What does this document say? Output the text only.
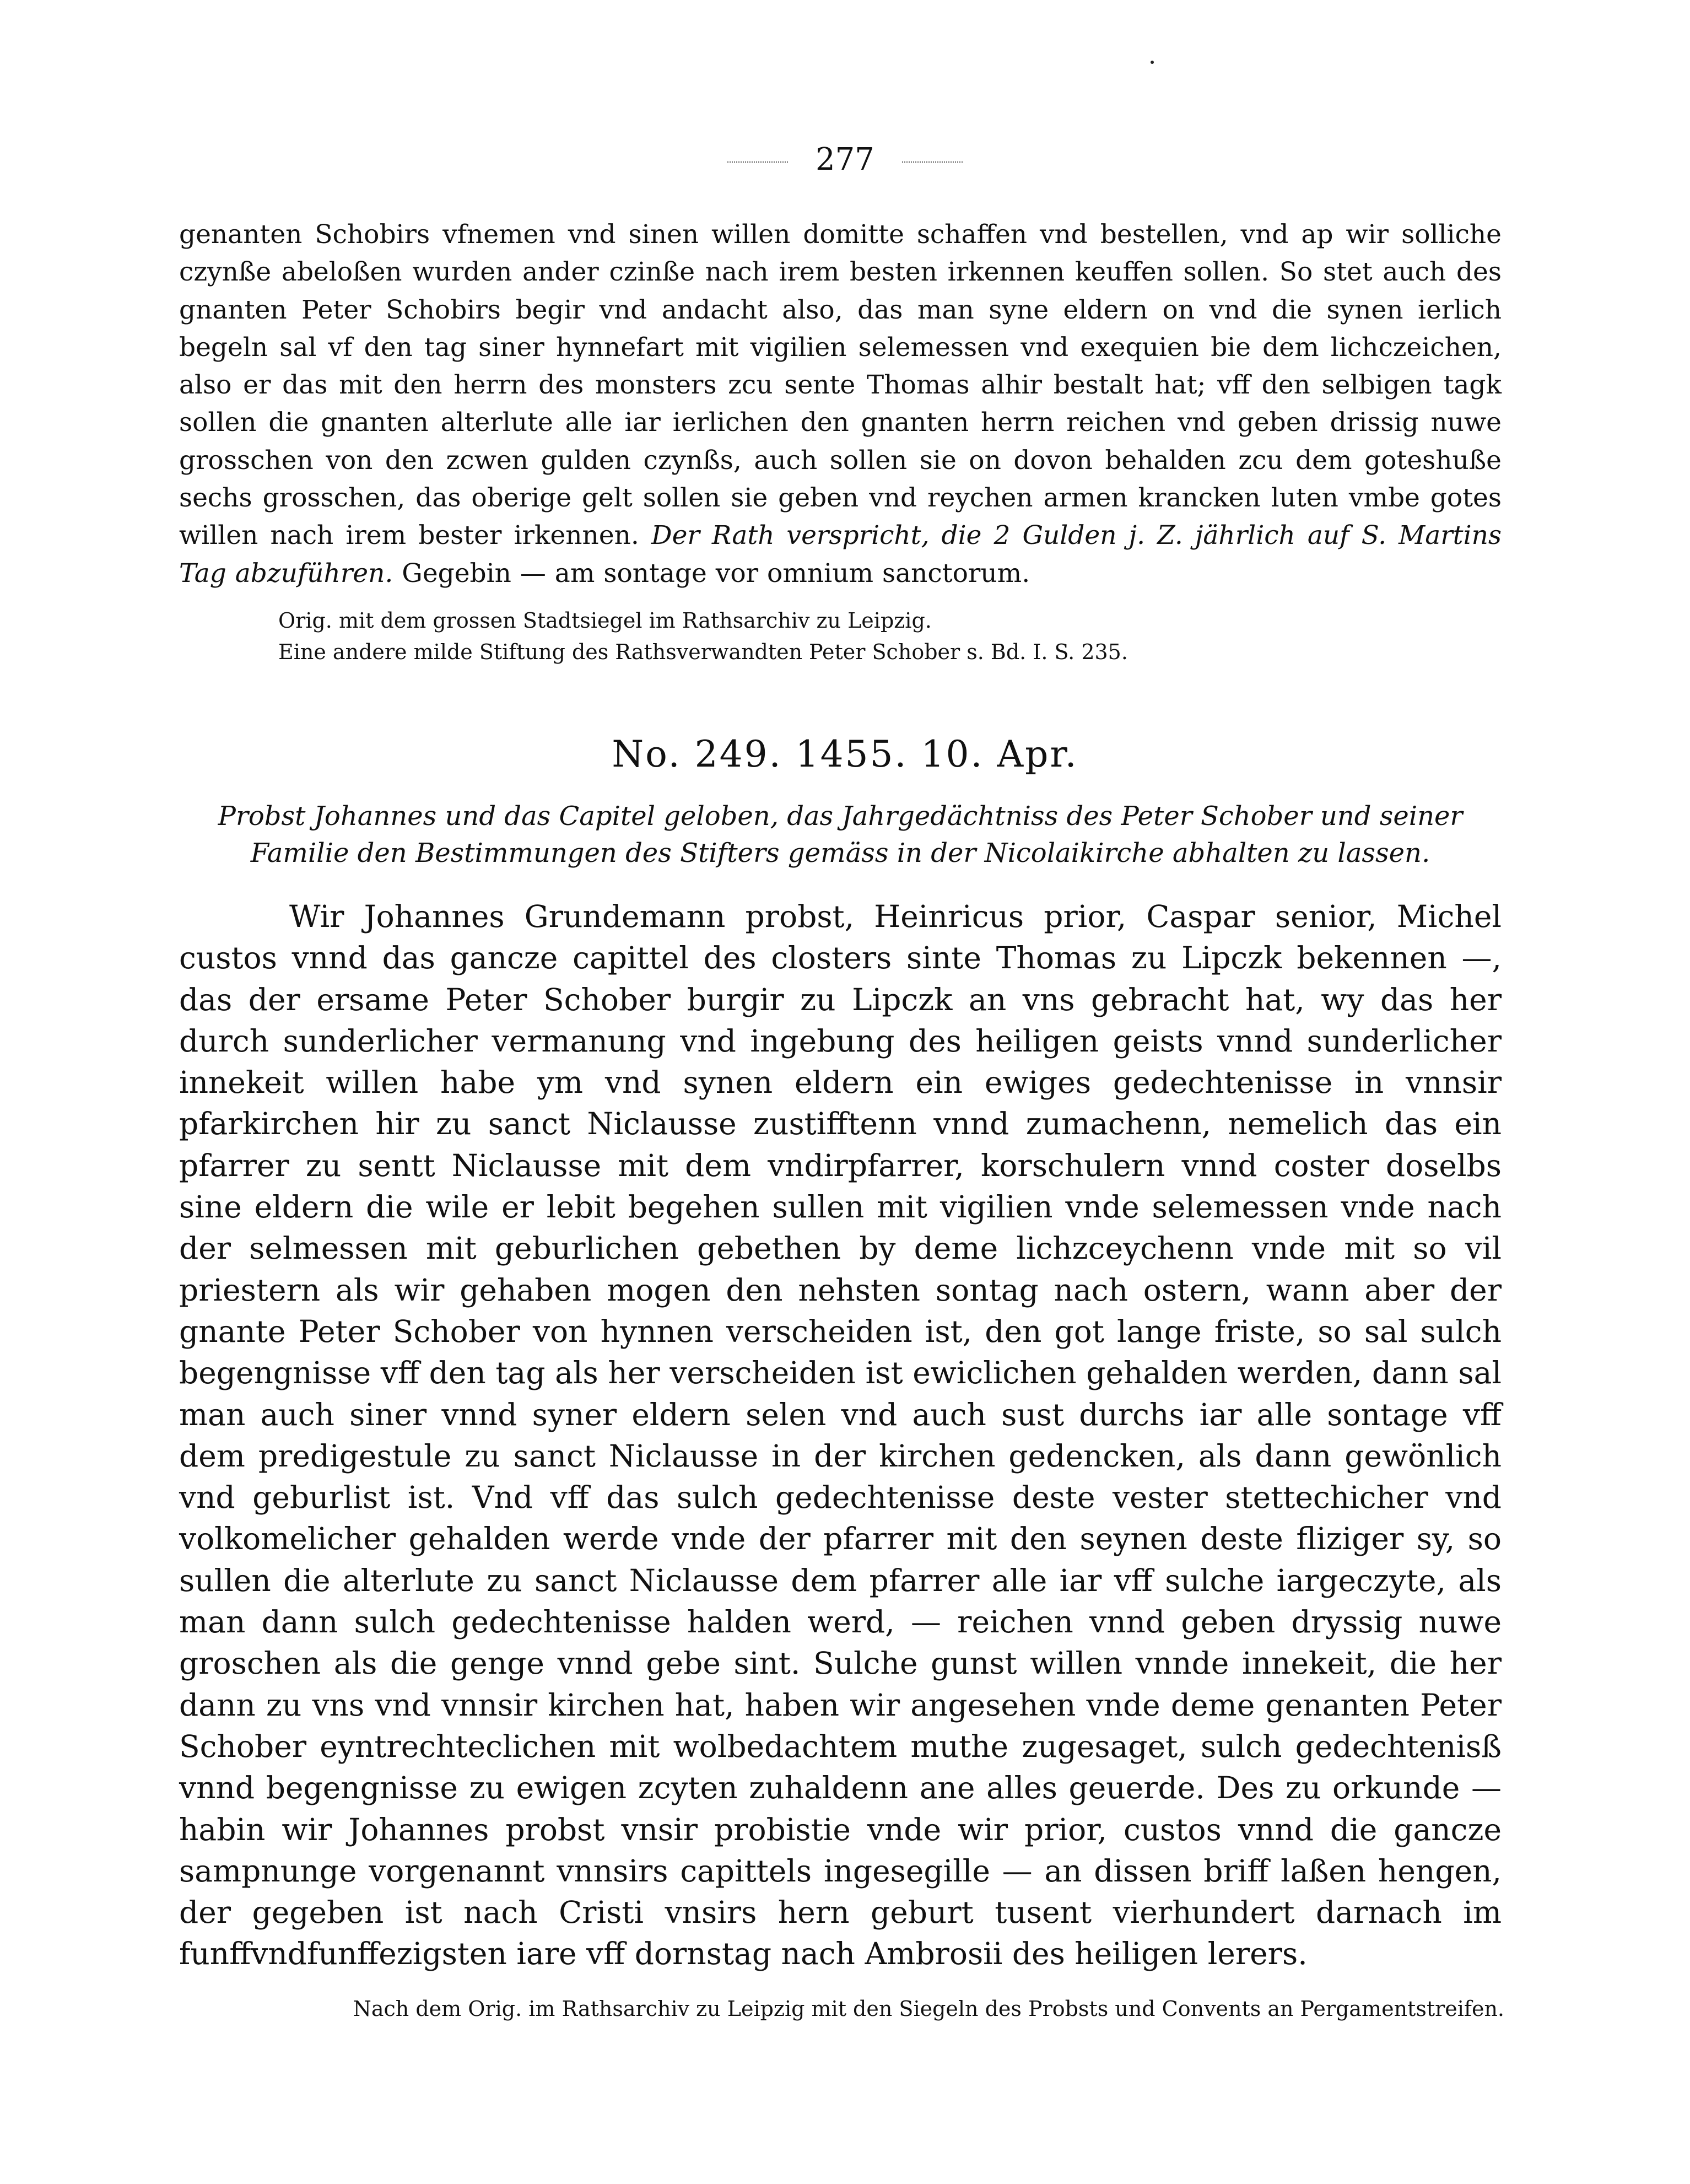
277
genanten Schobirs vfnemen vnd sinen willen domitte schaffen vnd bestellen, vnd ap wir solliche czynße abeloßen wurden ander czinße nach irem besten irkennen keuffen sollen. So stet auch des gnanten Peter Schobirs begir vnd andacht also, das man syne eldern on vnd die synen ierlich begeln sal vf den tag siner hynnefart mit vigilien selemessen vnd exequien bie dem lichczeichen, also er das mit den herrn des monsters zcu sente Thomas alhir bestalt hat; vff den selbigen tagk sollen die gnanten alterlute alle iar ierlichen den gnanten herrn reichen vnd geben drissig nuwe grosschen von den zcwen gulden czynßs, auch sollen sie on dovon behalden zcu dem goteshuße sechs grosschen, das oberige gelt sollen sie geben vnd reychen armen krancken luten vmbe gotes willen nach irem bester irkennen. Der Rath verspricht, die 2 Gulden j. Z. jährlich auf S. Martins Tag abzuführen. Gegebin — am sontage vor omnium sanctorum.
Orig. mit dem grossen Stadtsiegel im Rathsarchiv zu Leipzig.
Eine andere milde Stiftung des Rathsverwandten Peter Schober s. Bd. I. S. 235.
No. 249. 1455. 10. Apr.
Probst Johannes und das Capitel geloben, das Jahrgedächtniss des Peter Schober und seiner Familie den Bestimmungen des Stifters gemäss in der Nicolaikirche abhalten zu lassen.
Wir Johannes Grundemann probst, Heinricus prior, Caspar senior, Michel custos vnnd das gancze capittel des closters sinte Thomas zu Lipczk bekennen —, das der ersame Peter Schober burgir zu Lipczk an vns gebracht hat, wy das her durch sunderlicher vermanung vnd ingebung des heiligen geists vnnd sunderlicher innekeit willen habe ym vnd synen eldern ein ewiges gedechtenisse in vnnsir pfarkirchen hir zu sanct Niclausse zustifftenn vnnd zumachenn, nemelich das ein pfarrer zu sentt Niclausse mit dem vndirpfarrer, korschulern vnnd coster doselbs sine eldern die wile er lebit begehen sullen mit vigilien vnde selemessen vnde nach der selmessen mit geburlichen gebethen by deme lichzceychenn vnde mit so vil priestern als wir gehaben mogen den nehsten sontag nach ostern, wann aber der gnante Peter Schober von hynnen verscheiden ist, den got lange friste, so sal sulch begengnisse vff den tag als her verscheiden ist ewiclichen gehalden werden, dann sal man auch siner vnnd syner eldern selen vnd auch sust durchs iar alle sontage vff dem predigestule zu sanct Niclausse in der kirchen gedencken, als dann gewönlich vnd geburlist ist. Vnd vff das sulch gedechtenisse deste vester stettechicher vnd volkomelicher gehalden werde vnde der pfarrer mit den seynen deste fliziger sy, so sullen die alterlute zu sanct Niclausse dem pfarrer alle iar vff sulche iargeczyte, als man dann sulch gedechtenisse halden werd, — reichen vnnd geben dryssig nuwe groschen als die genge vnnd gebe sint. Sulche gunst willen vnnde innekeit, die her dann zu vns vnd vnnsir kirchen hat, haben wir angesehen vnde deme genanten Peter Schober eyntrechteclichen mit wolbedachtem muthe zugesaget, sulch gedechtenisß vnnd begengnisse zu ewigen zcyten zuhaldenn ane alles geuerde. Des zu orkunde — habin wir Johannes probst vnsir probistie vnde wir prior, custos vnnd die gancze sampnunge vorgenannt vnnsirs capittels ingesegille — an dissen briff laßen hengen, der gegeben ist nach Cristi vnsirs hern geburt tusent vierhundert darnach im funffvndfunffezigsten iare vff dornstag nach Ambrosii des heiligen lerers.
Nach dem Orig. im Rathsarchiv zu Leipzig mit den Siegeln des Probsts und Convents an Pergamentstreifen.
